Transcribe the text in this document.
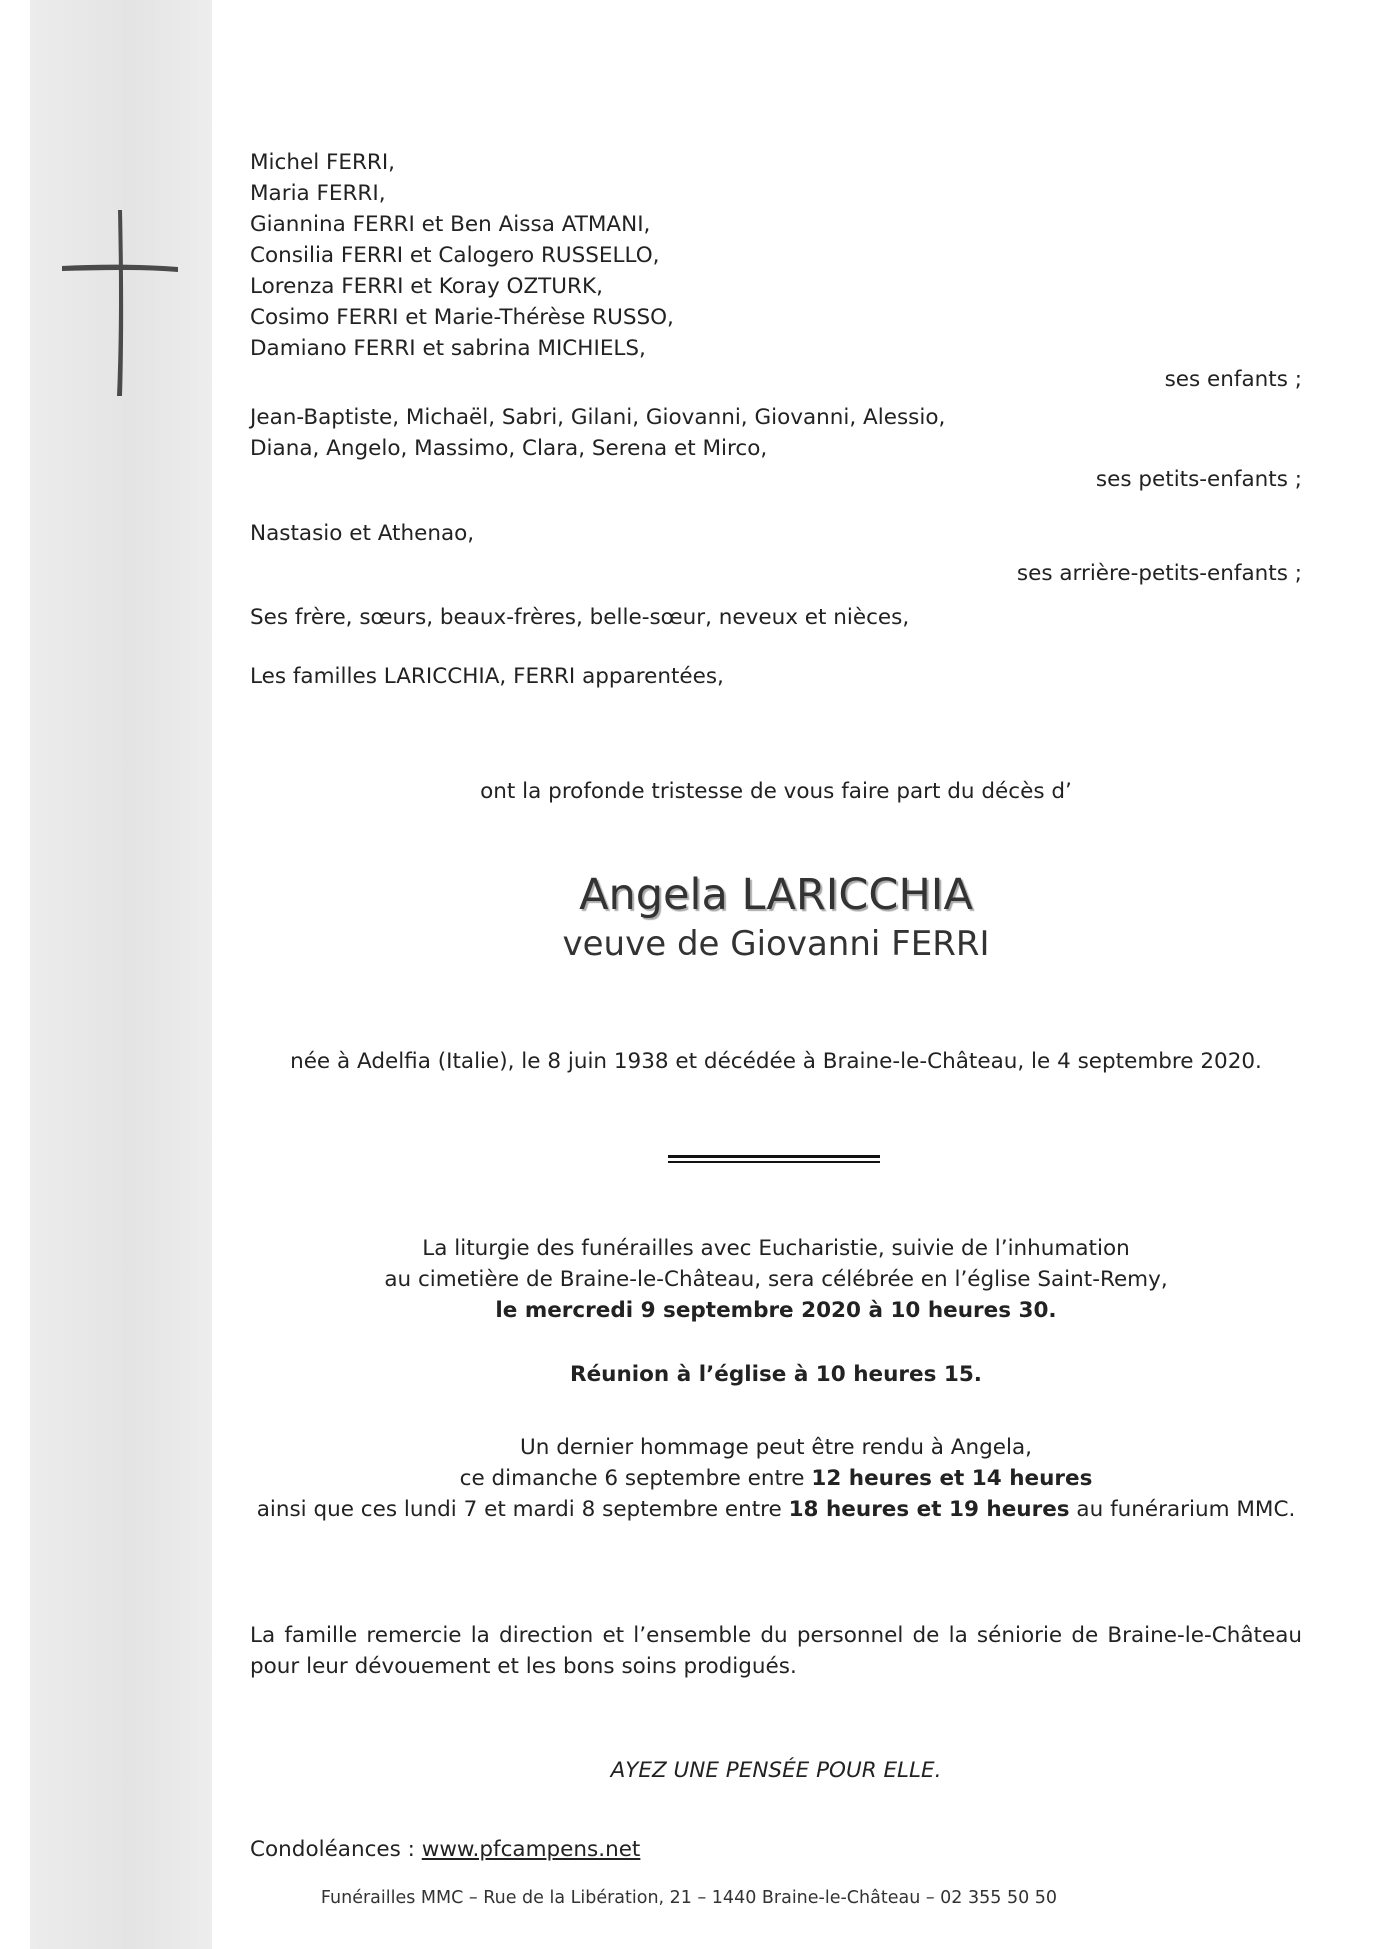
Michel FERRI,

Maria FERRI,

Giannina FERRI et Ben Aissa ATMANI,

Consilia FERRI et Calogero RUSSELLO,

Lorenza FERRI et Koray OZTURK,

Cosimo FERRI et Marie-Thérèse RUSSO,

Damiano FERRI et sabrina MICHIELS,

ses enfants ;

Jean-Baptiste, Michaël, Sabri, Gilani, Giovanni, Giovanni, Alessio,

Diana, Angelo, Massimo, Clara, Serena et Mirco,

ses petits-enfants ;

Nastasio et Athenao,

ses arrière-petits-enfants ;

Ses frère, sœurs, beaux-frères, belle-sœur, neveux et nièces,

Les familles LARICCHIA, FERRI apparentées,

ont la profonde tristesse de vous faire part du décès d’

Angela LARICCHIA

veuve de Giovanni FERRI

née à Adelfia (Italie), le 8 juin 1938 et décédée à Braine-le-Château, le 4 septembre 2020.

La liturgie des funérailles avec Eucharistie, suivie de l’inhumation

au cimetière de Braine-le-Château, sera célébrée en l’église Saint-Remy,

le mercredi 9 septembre 2020 à 10 heures 30.

Réunion à l’église à 10 heures 15.

Un dernier hommage peut être rendu à Angela,

ce dimanche 6 septembre entre 12 heures et 14 heures

ainsi que ces lundi 7 et mardi 8 septembre entre 18 heures et 19 heures au funérarium MMC.

La famille remercie la direction et l’ensemble du personnel de la séniorie de Braine-le-Château pour leur dévouement et les bons soins prodigués.

AYEZ UNE PENSÉE POUR ELLE.

Condoléances : www.pfcampens.net

Funérailles MMC – Rue de la Libération, 21 – 1440 Braine-le-Château – 02 355 50 50
